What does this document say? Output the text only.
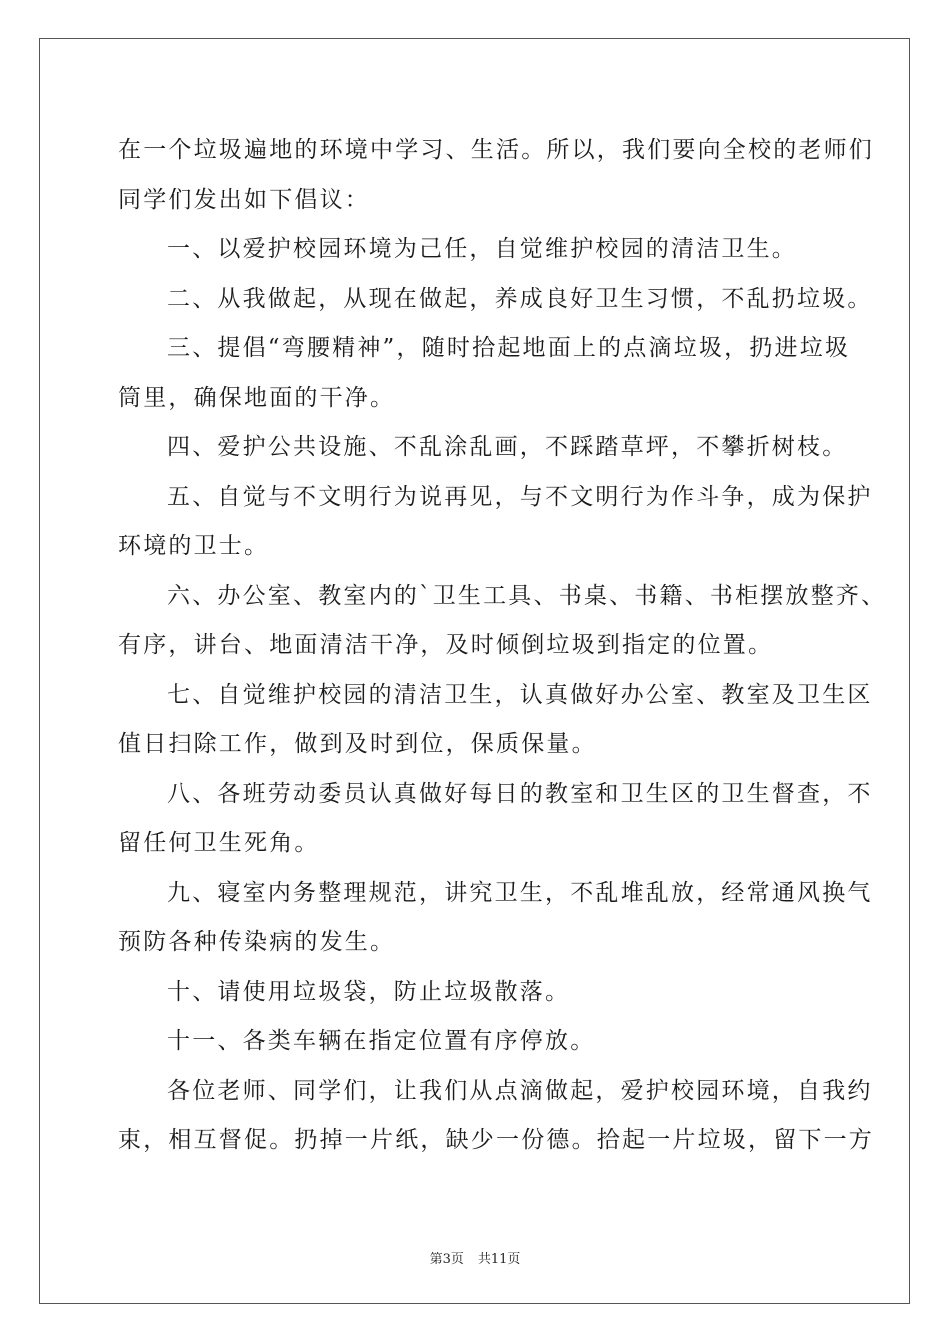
在一个垃圾遍地的环境中学习、生活。所以，我们要向全校的老师们
同学们发出如下倡议：
一、以爱护校园环境为己任，自觉维护校园的清洁卫生。
二、从我做起，从现在做起，养成良好卫生习惯，不乱扔垃圾。
三、提倡“弯腰精神”，随时拾起地面上的点滴垃圾，扔进垃圾
筒里，确保地面的干净。
四、爱护公共设施、不乱涂乱画，不踩踏草坪，不攀折树枝。
五、自觉与不文明行为说再见，与不文明行为作斗争，成为保护
环境的卫士。
六、办公室、教室内的`卫生工具、书桌、书籍、书柜摆放整齐、
有序，讲台、地面清洁干净，及时倾倒垃圾到指定的位置。
七、自觉维护校园的清洁卫生，认真做好办公室、教室及卫生区
值日扫除工作，做到及时到位，保质保量。
八、各班劳动委员认真做好每日的教室和卫生区的卫生督查，不
留任何卫生死角。
九、寝室内务整理规范，讲究卫生，不乱堆乱放，经常通风换气
预防各种传染病的发生。
十、请使用垃圾袋，防止垃圾散落。
十一、各类车辆在指定位置有序停放。
各位老师、同学们，让我们从点滴做起，爱护校园环境，自我约
束，相互督促。扔掉一片纸，缺少一份德。拾起一片垃圾，留下一方
第3页 共11页
